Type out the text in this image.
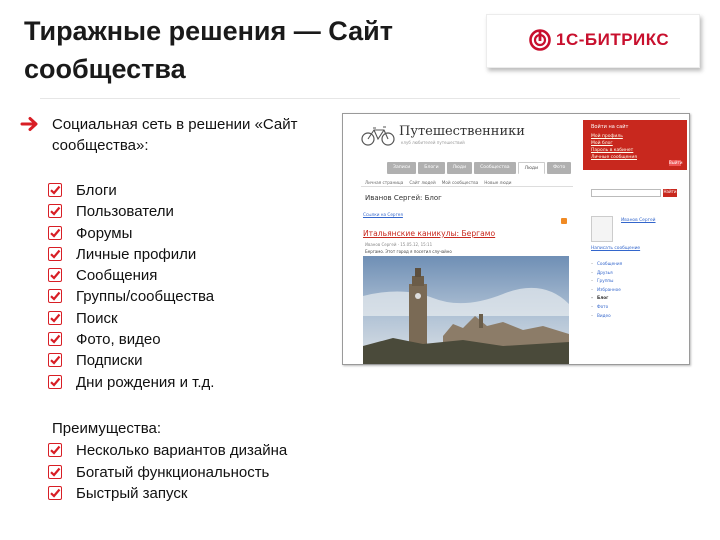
Тиражные решения — Сайт сообщества
1С-БИТРИКС
Социальная сеть в решении «Сайт сообщества»:
Блоги
Пользователи
Форумы
Личные профили
Сообщения
Группы/сообщества
Поиск
Фото, видео
Подписки
Дни рождения и т.д.
Преимущества:
Несколько вариантов дизайна
Богатый функциональность
Быстрый запуск
Путешественники
клуб любителей путешествий
Войти на сайт
Мой профиль
Мой блог
Пароль в кабинет
Личные сообщения
Выйти
Записи	Блоги	Люди	Сообщества	Люди	Фото
Личная страница Сайт людей Мой сообщества Новые люди
Иванов Сергей: Блог
Ссылки на Сергея
Итальянские каникулы: Бергамо
Иванов Сергей · 15.05.12, 15:11
Бергамо. Этот город я посетил случайно
Найти
Иванов Сергей
Написать сообщение
– Сообщения
– Друзья
– Группы
– Избранное
– Блог
– Фото
– Видео
